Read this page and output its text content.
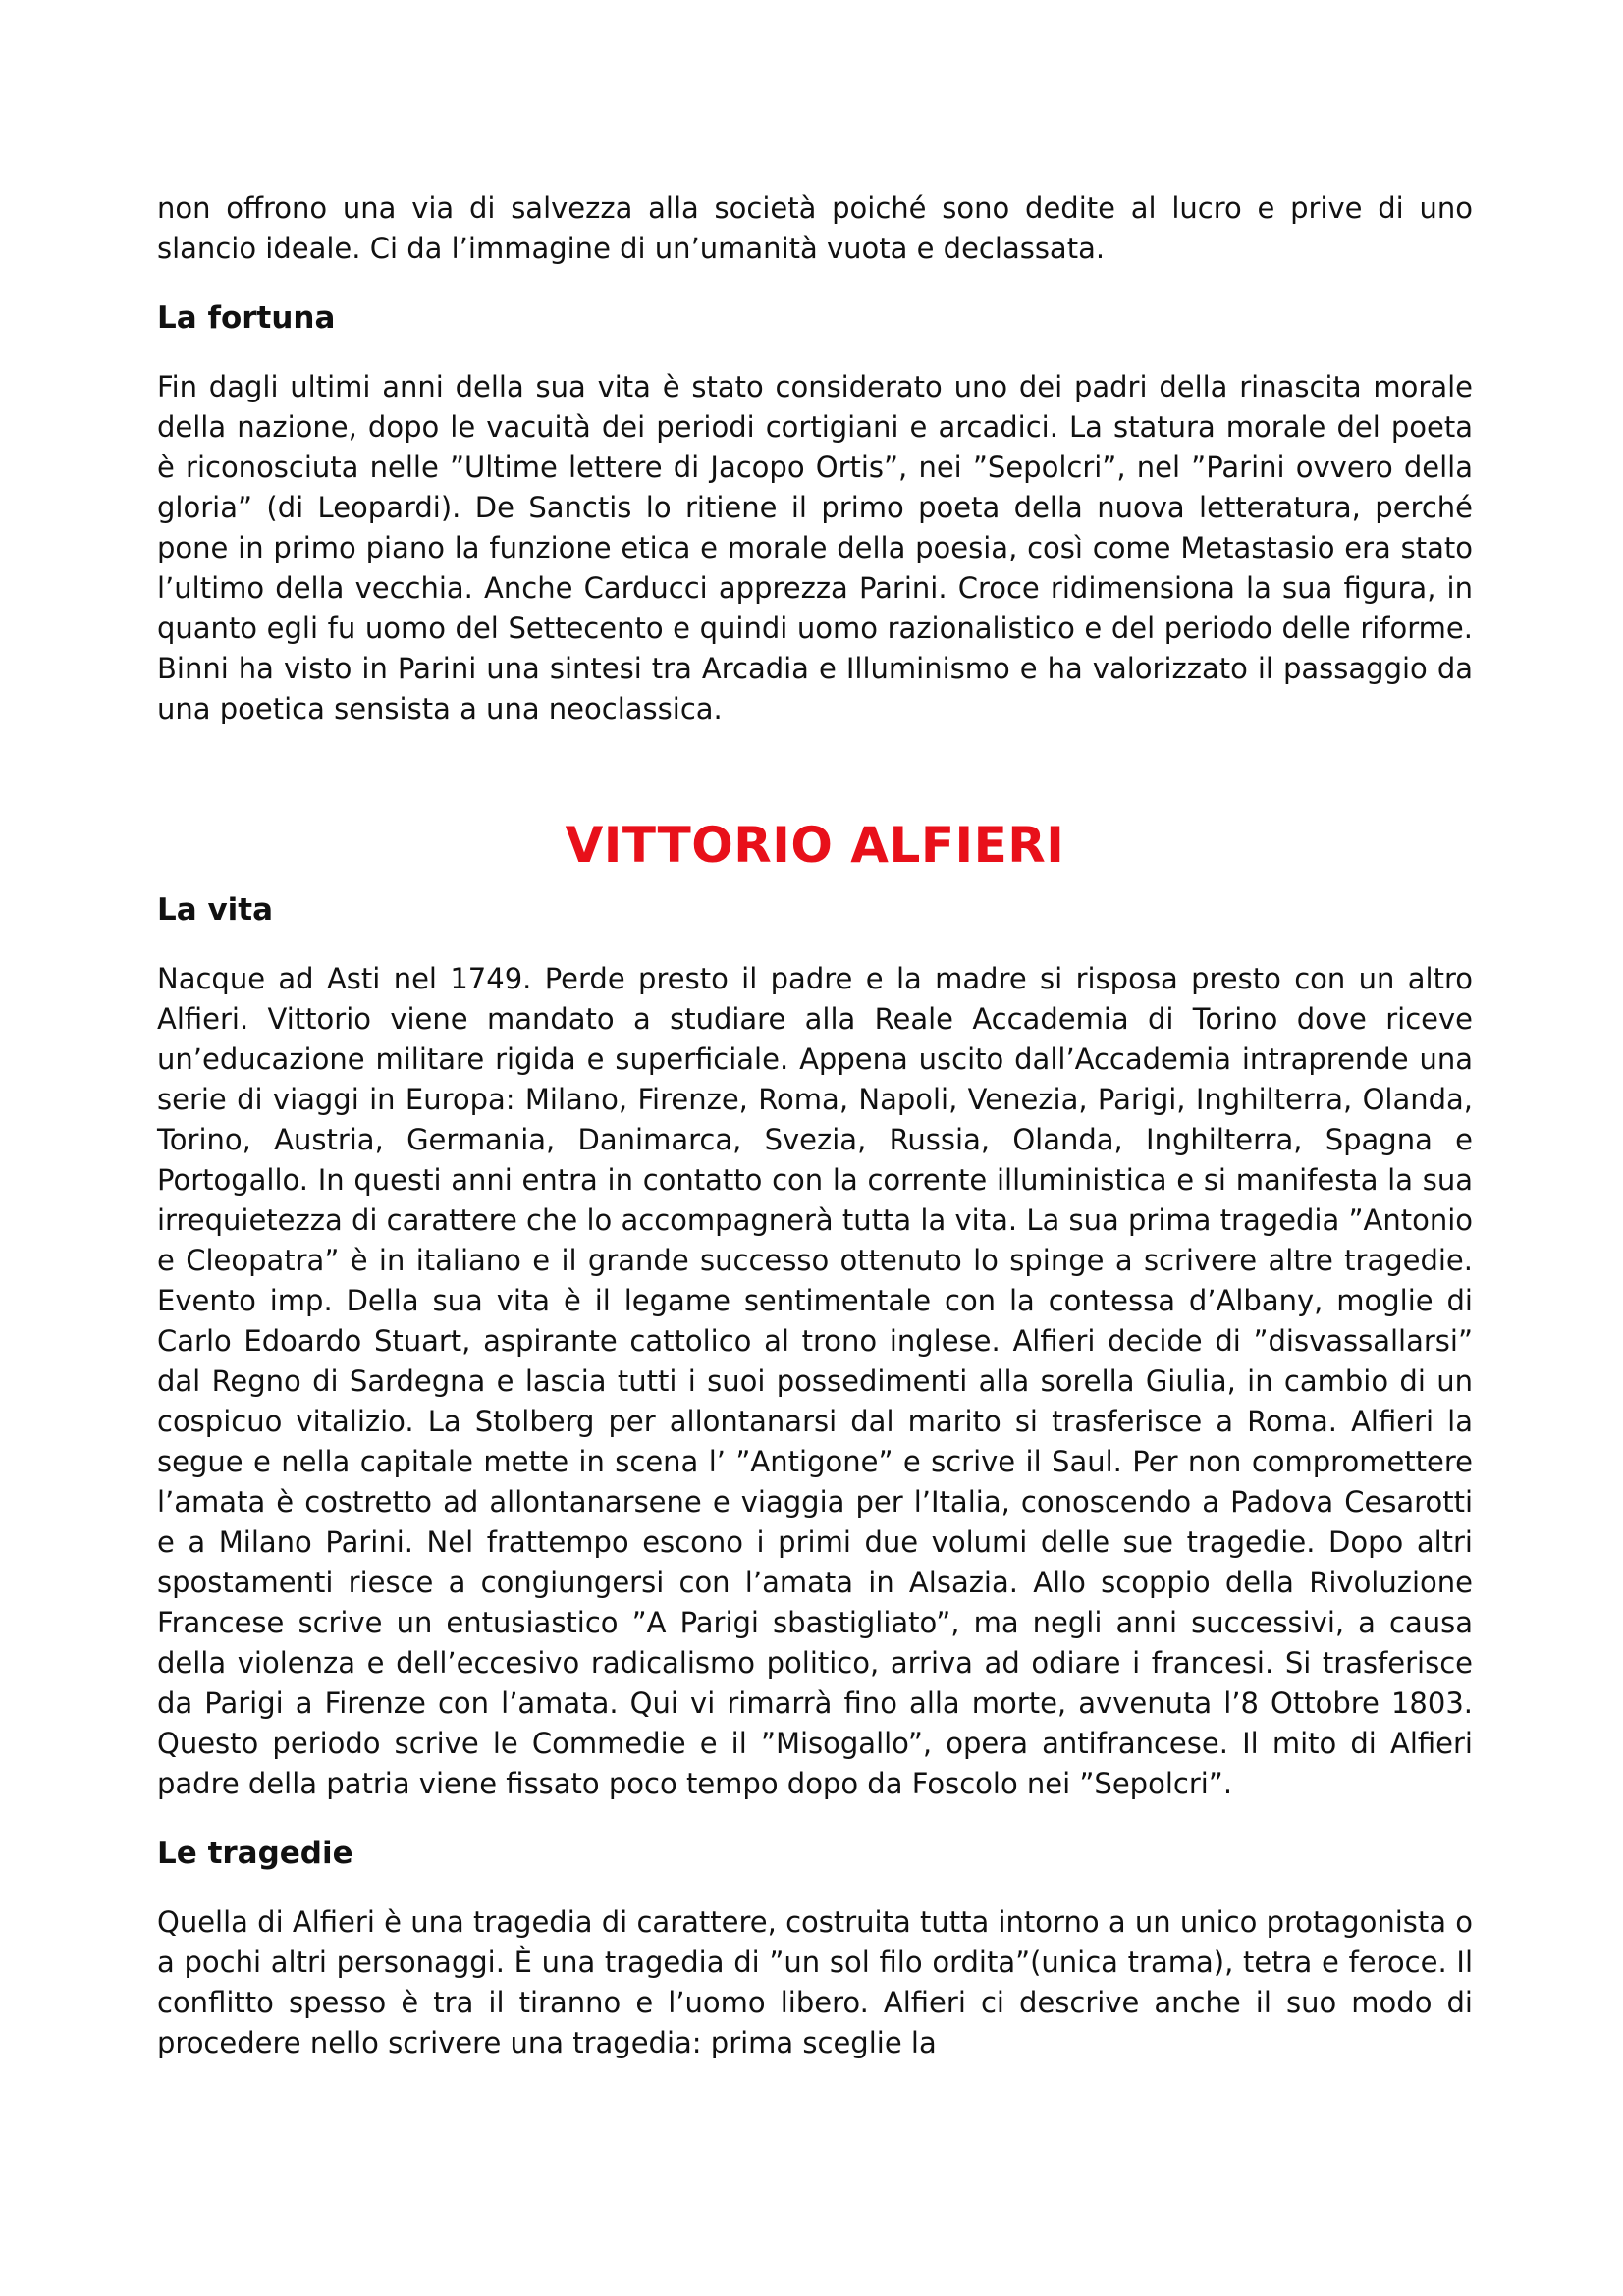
non offrono una via di salvezza alla società poiché sono dedite al lucro e prive di uno slancio ideale. Ci da l’immagine di un’umanità vuota e declassata.

La fortuna

Fin dagli ultimi anni della sua vita è stato considerato uno dei padri della rinascita morale della nazione, dopo le vacuità dei periodi cortigiani e arcadici. La statura morale del poeta è riconosciuta nelle ”Ultime lettere di Jacopo Ortis”, nei ”Sepolcri”, nel ”Parini ovvero della gloria” (di Leopardi). De Sanctis lo ritiene il primo poeta della nuova letteratura, perché pone in primo piano la funzione etica e morale della poesia, così come Metastasio era stato l’ultimo della vecchia. Anche Carducci apprezza Parini. Croce ridimensiona la sua figura, in quanto egli fu uomo del Settecento e quindi uomo razionalistico e del periodo delle riforme. Binni ha visto in Parini una sintesi tra Arcadia e Illuminismo e ha valorizzato il passaggio da una poetica sensista a una neoclassica.

VITTORIO ALFIERI
La vita

Nacque ad Asti nel 1749. Perde presto il padre e la madre si risposa presto con un altro Alfieri. Vittorio viene mandato a studiare alla Reale Accademia di Torino dove riceve un’educazione militare rigida e superficiale. Appena uscito dall’Accademia intraprende una serie di viaggi in Europa: Milano, Firenze, Roma, Napoli, Venezia, Parigi, Inghilterra, Olanda, Torino, Austria, Germania, Danimarca, Svezia, Russia, Olanda, Inghilterra, Spagna e Portogallo. In questi anni entra in contatto con la corrente illuministica e si manifesta la sua irrequietezza di carattere che lo accompagnerà tutta la vita. La sua prima tragedia ”Antonio e Cleopatra” è in italiano e il grande successo ottenuto lo spinge a scrivere altre tragedie. Evento imp. Della sua vita è il legame sentimentale con la contessa d’Albany, moglie di Carlo Edoardo Stuart, aspirante cattolico al trono inglese. Alfieri decide di ”disvassallarsi” dal Regno di Sardegna e lascia tutti i suoi possedimenti alla sorella Giulia, in cambio di un cospicuo vitalizio. La Stolberg per allontanarsi dal marito si trasferisce a Roma. Alfieri la segue e nella capitale mette in scena l’ ”Antigone” e scrive il Saul. Per non compromettere l’amata è costretto ad allontanarsene e viaggia per l’Italia, conoscendo a Padova Cesarotti e a Milano Parini. Nel frattempo escono i primi due volumi delle sue tragedie. Dopo altri spostamenti riesce a congiungersi con l’amata in Alsazia. Allo scoppio della Rivoluzione Francese scrive un entusiastico ”A Parigi sbastigliato”, ma negli anni successivi, a causa della violenza e dell’eccesivo radicalismo politico, arriva ad odiare i francesi. Si trasferisce da Parigi a Firenze con l’amata. Qui vi rimarrà fino alla morte, avvenuta l’8 Ottobre 1803. Questo periodo scrive le Commedie e il ”Misogallo”, opera antifrancese. Il mito di Alfieri padre della patria viene fissato poco tempo dopo da Foscolo nei ”Sepolcri”.

Le tragedie

Quella di Alfieri è una tragedia di carattere, costruita tutta intorno a un unico protagonista o a pochi altri personaggi. È una tragedia di ”un sol filo ordita”(unica trama), tetra e feroce. Il conflitto spesso è tra il tiranno e l’uomo libero. Alfieri ci descrive anche il suo modo di procedere nello scrivere una tragedia: prima sceglie la
